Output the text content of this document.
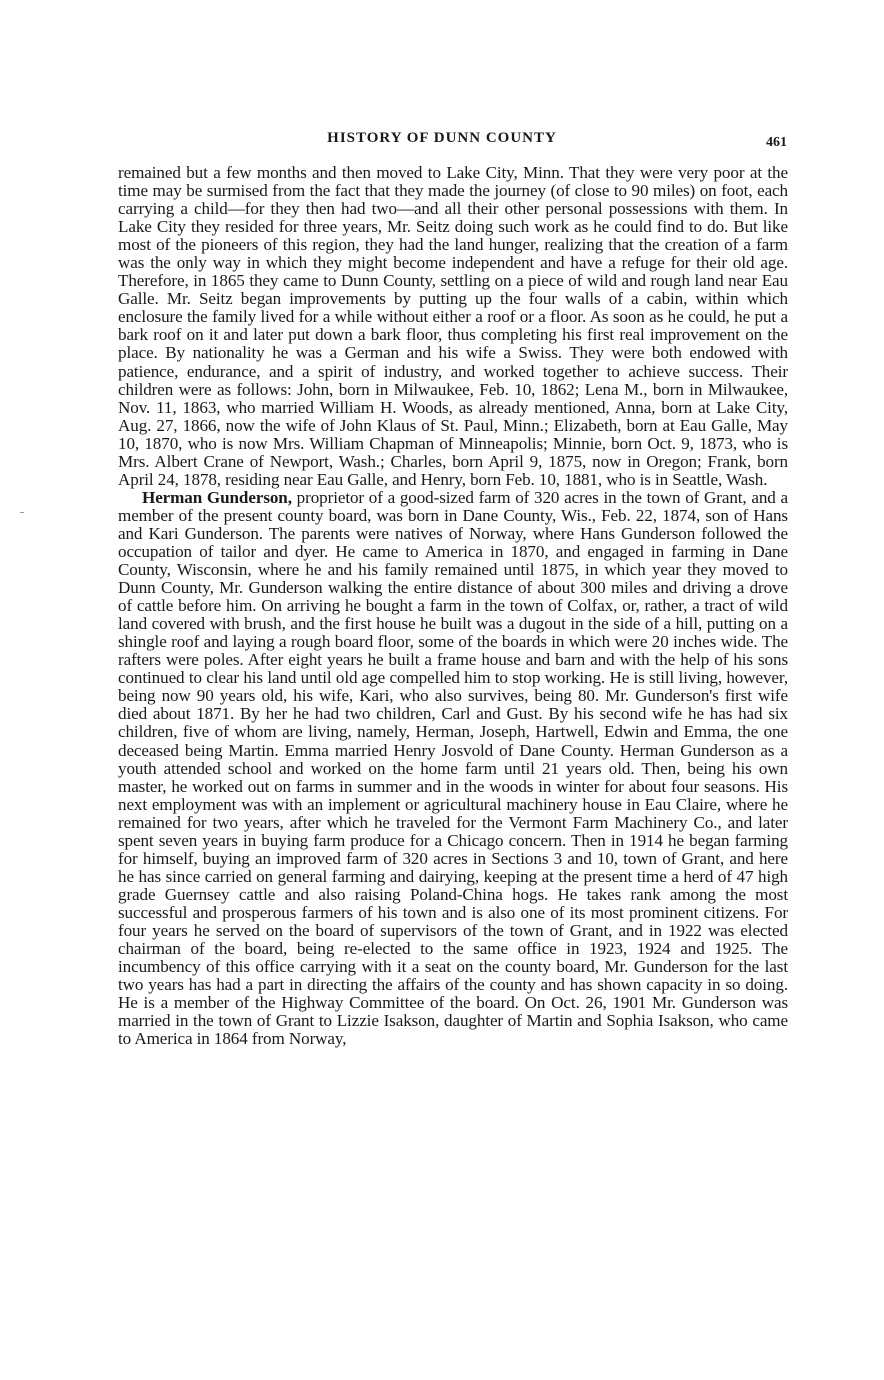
HISTORY OF DUNN COUNTY	461

remained but a few months and then moved to Lake City, Minn. That they were very poor at the time may be surmised from the fact that they made the journey (of close to 90 miles) on foot, each carrying a child—for they then had two—and all their other personal possessions with them. In Lake City they resided for three years, Mr. Seitz doing such work as he could find to do. But like most of the pioneers of this region, they had the land hunger, realizing that the creation of a farm was the only way in which they might become independent and have a refuge for their old age. Therefore, in 1865 they came to Dunn County, settling on a piece of wild and rough land near Eau Galle. Mr. Seitz began improvements by putting up the four walls of a cabin, within which enclosure the family lived for a while without either a roof or a floor. As soon as he could, he put a bark roof on it and later put down a bark floor, thus completing his first real improvement on the place. By nationality he was a German and his wife a Swiss. They were both endowed with patience, endurance, and a spirit of industry, and worked together to achieve success. Their children were as follows: John, born in Milwaukee, Feb. 10, 1862; Lena M., born in Milwaukee, Nov. 11, 1863, who married William H. Woods, as already mentioned, Anna, born at Lake City, Aug. 27, 1866, now the wife of John Klaus of St. Paul, Minn.; Elizabeth, born at Eau Galle, May 10, 1870, who is now Mrs. William Chapman of Minneapolis; Minnie, born Oct. 9, 1873, who is Mrs. Albert Crane of Newport, Wash.; Charles, born April 9, 1875, now in Oregon; Frank, born April 24, 1878, residing near Eau Galle, and Henry, born Feb. 10, 1881, who is in Seattle, Wash.

Herman Gunderson, proprietor of a good-sized farm of 320 acres in the town of Grant, and a member of the present county board, was born in Dane County, Wis., Feb. 22, 1874, son of Hans and Kari Gunderson. The parents were natives of Norway, where Hans Gunderson followed the occupation of tailor and dyer. He came to America in 1870, and engaged in farming in Dane County, Wisconsin, where he and his family remained until 1875, in which year they moved to Dunn County, Mr. Gunderson walking the entire distance of about 300 miles and driving a drove of cattle before him. On arriving he bought a farm in the town of Colfax, or, rather, a tract of wild land covered with brush, and the first house he built was a dugout in the side of a hill, putting on a shingle roof and laying a rough board floor, some of the boards in which were 20 inches wide. The rafters were poles. After eight years he built a frame house and barn and with the help of his sons continued to clear his land until old age compelled him to stop working. He is still living, however, being now 90 years old, his wife, Kari, who also survives, being 80. Mr. Gunderson's first wife died about 1871. By her he had two children, Carl and Gust. By his second wife he has had six children, five of whom are living, namely, Herman, Joseph, Hartwell, Edwin and Emma, the one deceased being Martin. Emma married Henry Josvold of Dane County. Herman Gunderson as a youth attended school and worked on the home farm until 21 years old. Then, being his own master, he worked out on farms in summer and in the woods in winter for about four seasons. His next employment was with an implement or agricultural machinery house in Eau Claire, where he remained for two years, after which he traveled for the Vermont Farm Machinery Co., and later spent seven years in buying farm produce for a Chicago concern. Then in 1914 he began farming for himself, buying an improved farm of 320 acres in Sections 3 and 10, town of Grant, and here he has since carried on general farming and dairying, keeping at the present time a herd of 47 high grade Guernsey cattle and also raising Poland-China hogs. He takes rank among the most successful and prosperous farmers of his town and is also one of its most prominent citizens. For four years he served on the board of supervisors of the town of Grant, and in 1922 was elected chairman of the board, being re-elected to the same office in 1923, 1924 and 1925. The incumbency of this office carrying with it a seat on the county board, Mr. Gunderson for the last two years has had a part in directing the affairs of the county and has shown capacity in so doing. He is a member of the Highway Committee of the board. On Oct. 26, 1901 Mr. Gunderson was married in the town of Grant to Lizzie Isakson, daughter of Martin and Sophia Isakson, who came to America in 1864 from Norway,
